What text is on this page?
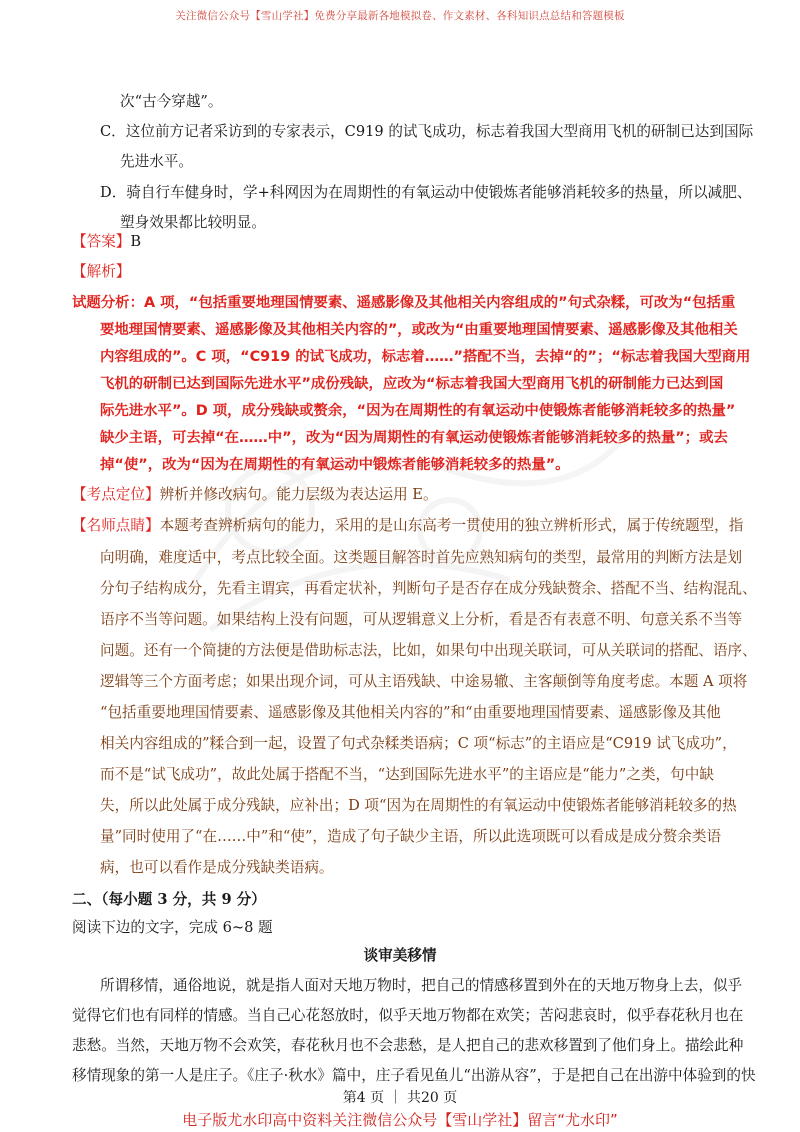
关注微信公众号【雪山学社】免费分享最新各地模拟卷、作文素材、各科知识点总结和答题模板
次“古今穿越”。
C．这位前方记者采访到的专家表示，C919 的试飞成功，标志着我国大型商用飞机的研制已达到国际
先进水平。
D．骑自行车健身时，学+科网因为在周期性的有氧运动中使锻炼者能够消耗较多的热量，所以减肥、
塑身效果都比较明显。
【答案】B
【解析】
试题分析：A 项，“包括重要地理国情要素、遥感影像及其他相关内容组成的”句式杂糅，可改为“包括重
要地理国情要素、遥感影像及其他相关内容的”，或改为“由重要地理国情要素、遥感影像及其他相关
内容组成的”。C 项，“C919 的试飞成功，标志着……”搭配不当，去掉“的”；“标志着我国大型商用
飞机的研制已达到国际先进水平”成份残缺，应改为“标志着我国大型商用飞机的研制能力已达到国
际先进水平”。D 项，成分残缺或赘余，“因为在周期性的有氧运动中使锻炼者能够消耗较多的热量”
缺少主语，可去掉“在……中”，改为“因为周期性的有氧运动使锻炼者能够消耗较多的热量”；或去
掉“使”，改为“因为在周期性的有氧运动中锻炼者能够消耗较多的热量”。
【考点定位】辨析并修改病句。能力层级为表达运用 E。
【名师点睛】本题考查辨析病句的能力，采用的是山东高考一贯使用的独立辨析形式，属于传统题型，指
向明确，难度适中，考点比较全面。这类题目解答时首先应熟知病句的类型，最常用的判断方法是划
分句子结构成分，先看主谓宾，再看定状补，判断句子是否存在成分残缺赘余、搭配不当、结构混乱、
语序不当等问题。如果结构上没有问题，可从逻辑意义上分析，看是否有表意不明、句意关系不当等
问题。还有一个简捷的方法便是借助标志法，比如，如果句中出现关联词，可从关联词的搭配、语序、
逻辑等三个方面考虑；如果出现介词，可从主语残缺、中途易辙、主客颠倒等角度考虑。本题 A 项将
“包括重要地理国情要素、遥感影像及其他相关内容的”和“由重要地理国情要素、遥感影像及其他
相关内容组成的”糅合到一起，设置了句式杂糅类语病；C 项“标志”的主语应是“C919 试飞成功”，
而不是“试飞成功”，故此处属于搭配不当，“达到国际先进水平”的主语应是“能力”之类，句中缺
失，所以此处属于成分残缺，应补出；D 项“因为在周期性的有氧运动中使锻炼者能够消耗较多的热
量”同时使用了“在……中”和“使”，造成了句子缺少主语，所以此选项既可以看成是成分赘余类语
病，也可以看作是成分残缺类语病。
二、（每小题 3 分，共 9 分）
阅读下边的文字，完成 6~8 题
谈审美移情
所谓移情，通俗地说，就是指人面对天地万物时，把自己的情感移置到外在的天地万物身上去，似乎
觉得它们也有同样的情感。当自己心花怒放时，似乎天地万物都在欢笑；苦闷悲哀时，似乎春花秋月也在
悲愁。当然，天地万物不会欢笑，春花秋月也不会悲愁，是人把自己的悲欢移置到了他们身上。描绘此种
移情现象的第一人是庄子。《庄子·秋水》篇中，庄子看见鱼儿“出游从容”，于是把自己在出游中体验到的快
第4 页 ｜ 共20 页
电子版尤水印高中资料关注微信公众号【雪山学社】留言“尤水印”
